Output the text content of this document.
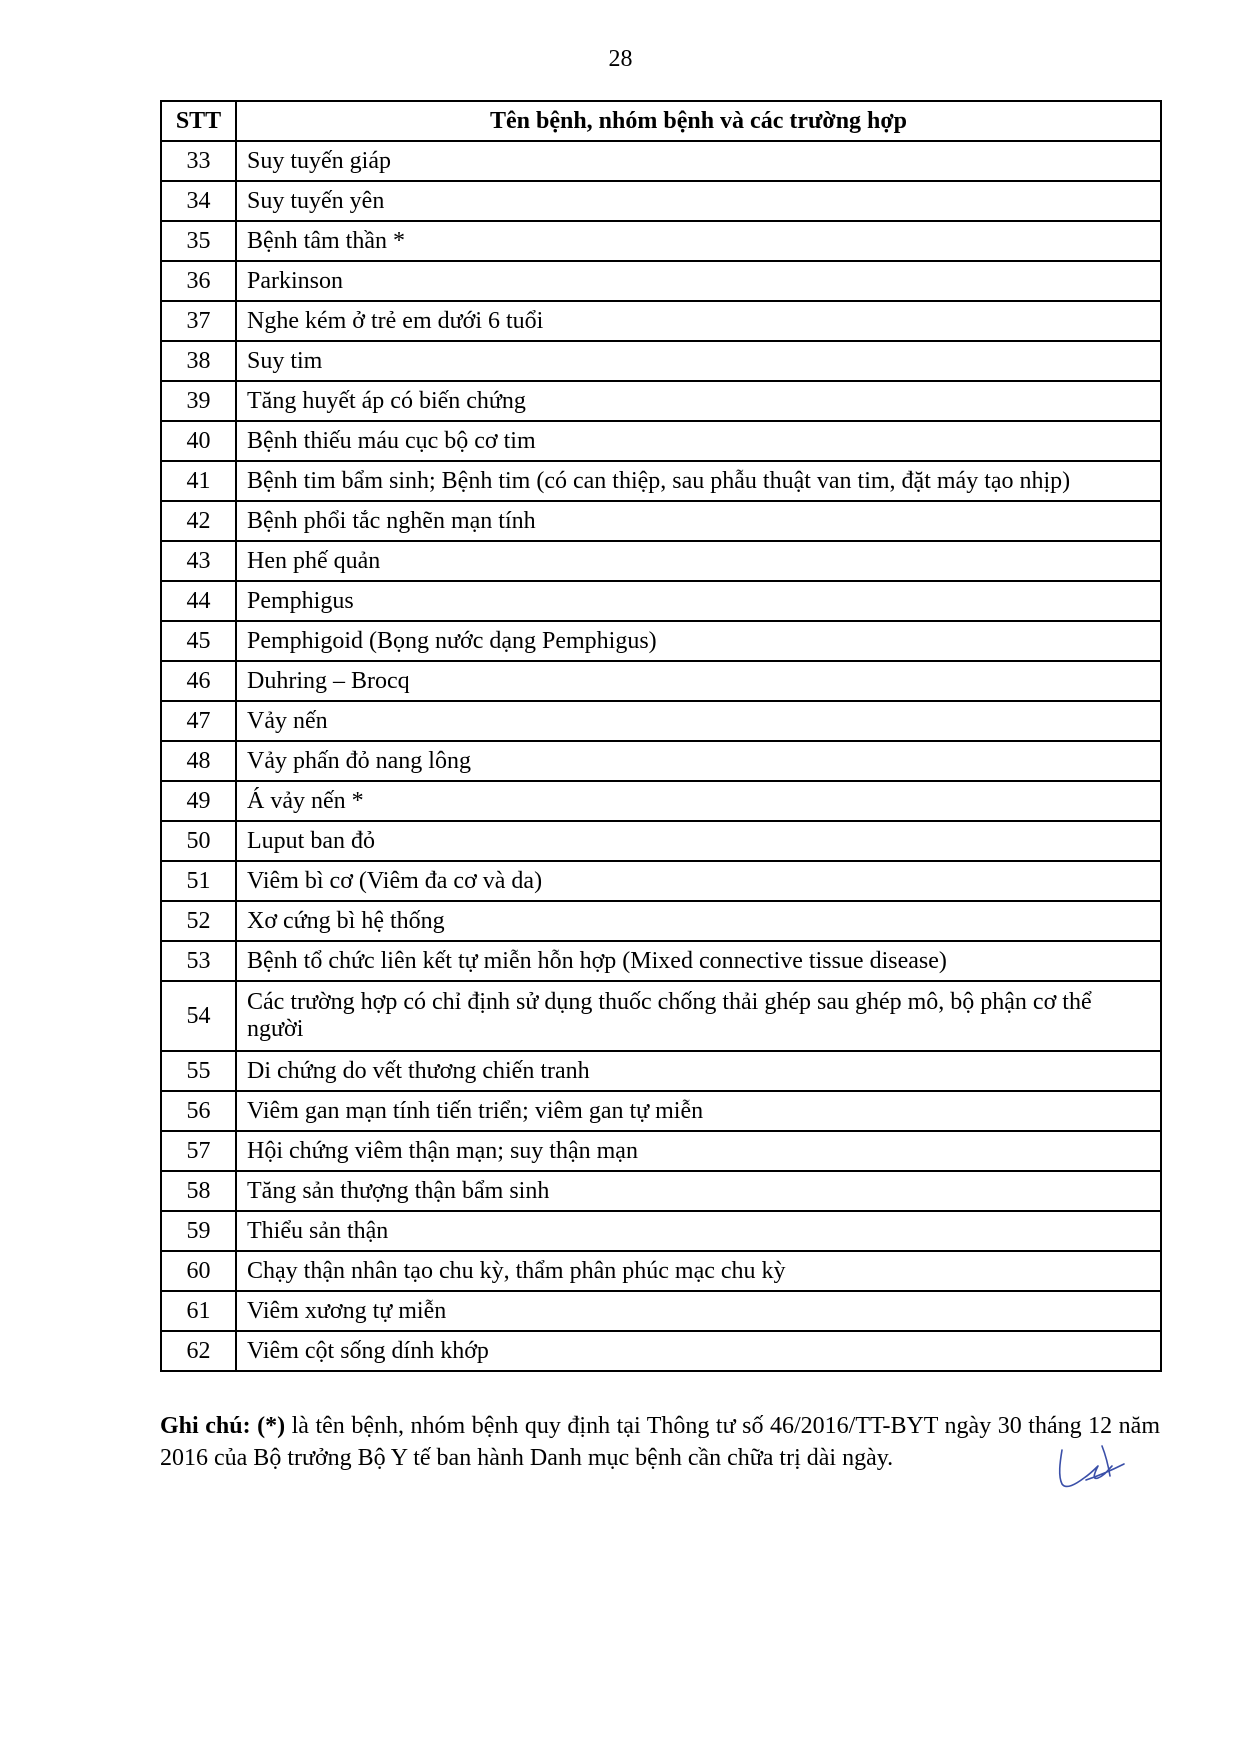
28
STT	Tên bệnh, nhóm bệnh và các trường hợp
33	Suy tuyến giáp
34	Suy tuyến yên
35	Bệnh tâm thần *
36	Parkinson
37	Nghe kém ở trẻ em dưới 6 tuổi
38	Suy tim
39	Tăng huyết áp có biến chứng
40	Bệnh thiếu máu cục bộ cơ tim
41	Bệnh tim bẩm sinh; Bệnh tim (có can thiệp, sau phẫu thuật van tim, đặt máy tạo nhịp)
42	Bệnh phổi tắc nghẽn mạn tính
43	Hen phế quản
44	Pemphigus
45	Pemphigoid (Bọng nước dạng Pemphigus)
46	Duhring – Brocq
47	Vảy nến
48	Vảy phấn đỏ nang lông
49	Á vảy nến *
50	Luput ban đỏ
51	Viêm bì cơ (Viêm đa cơ và da)
52	Xơ cứng bì hệ thống
53	Bệnh tổ chức liên kết tự miễn hỗn hợp (Mixed connective tissue disease)
54	Các trường hợp có chỉ định sử dụng thuốc chống thải ghép sau ghép mô, bộ phận cơ thể người
55	Di chứng do vết thương chiến tranh
56	Viêm gan mạn tính tiến triển; viêm gan tự miễn
57	Hội chứng viêm thận mạn; suy thận mạn
58	Tăng sản thượng thận bẩm sinh
59	Thiểu sản thận
60	Chạy thận nhân tạo chu kỳ, thẩm phân phúc mạc chu kỳ
61	Viêm xương tự miễn
62	Viêm cột sống dính khớp
Ghi chú: (*) là tên bệnh, nhóm bệnh quy định tại Thông tư số 46/2016/TT-BYT ngày 30 tháng 12 năm 2016 của Bộ trưởng Bộ Y tế ban hành Danh mục bệnh cần chữa trị dài ngày.
